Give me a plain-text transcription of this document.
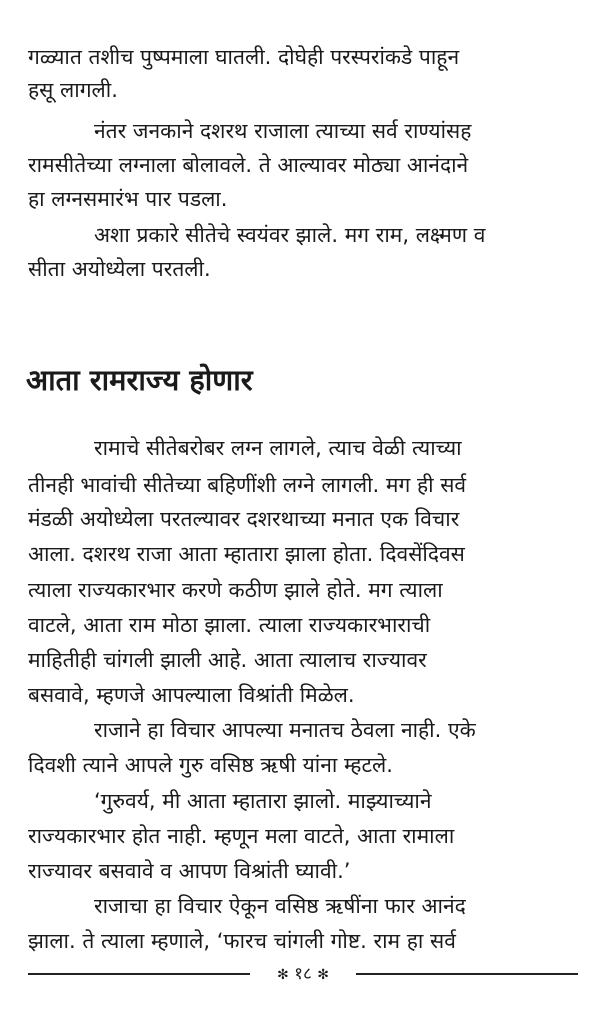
गळ्यात तशीच पुष्पमाला घातली. दोघेही परस्परांकडे पाहून
हसू लागली.
नंतर जनकाने दशरथ राजाला त्याच्या सर्व राण्यांसह
रामसीतेच्या लग्नाला बोलावले. ते आल्यावर मोठ्या आनंदाने
हा लग्नसमारंभ पार पडला.
अशा प्रकारे सीतेचे स्वयंवर झाले. मग राम, लक्ष्मण व
सीता अयोध्येला परतली.
आता रामराज्य होणार
रामाचे सीतेबरोबर लग्न लागले, त्याच वेळी त्याच्या
तीनही भावांची सीतेच्या बहिणींशी लग्ने लागली. मग ही सर्व
मंडळी अयोध्येला परतल्यावर दशरथाच्या मनात एक विचार
आला. दशरथ राजा आता म्हातारा झाला होता. दिवसेंदिवस
त्याला राज्यकारभार करणे कठीण झाले होते. मग त्याला
वाटले, आता राम मोठा झाला. त्याला राज्यकारभाराची
माहितीही चांगली झाली आहे. आता त्यालाच राज्यावर
बसवावे, म्हणजे आपल्याला विश्रांती मिळेल.
राजाने हा विचार आपल्या मनातच ठेवला नाही. एके
दिवशी त्याने आपले गुरु वसिष्ठ ऋषी यांना म्हटले.
‘गुरुवर्य, मी आता म्हातारा झालो. माझ्याच्याने
राज्यकारभार होत नाही. म्हणून मला वाटते, आता रामाला
राज्यावर बसवावे व आपण विश्रांती घ्यावी.’
राजाचा हा विचार ऐकून वसिष्ठ ऋषींना फार आनंद
झाला. ते त्याला म्हणाले, ‘फारच चांगली गोष्ट. राम हा सर्व
✻ १८ ✻
